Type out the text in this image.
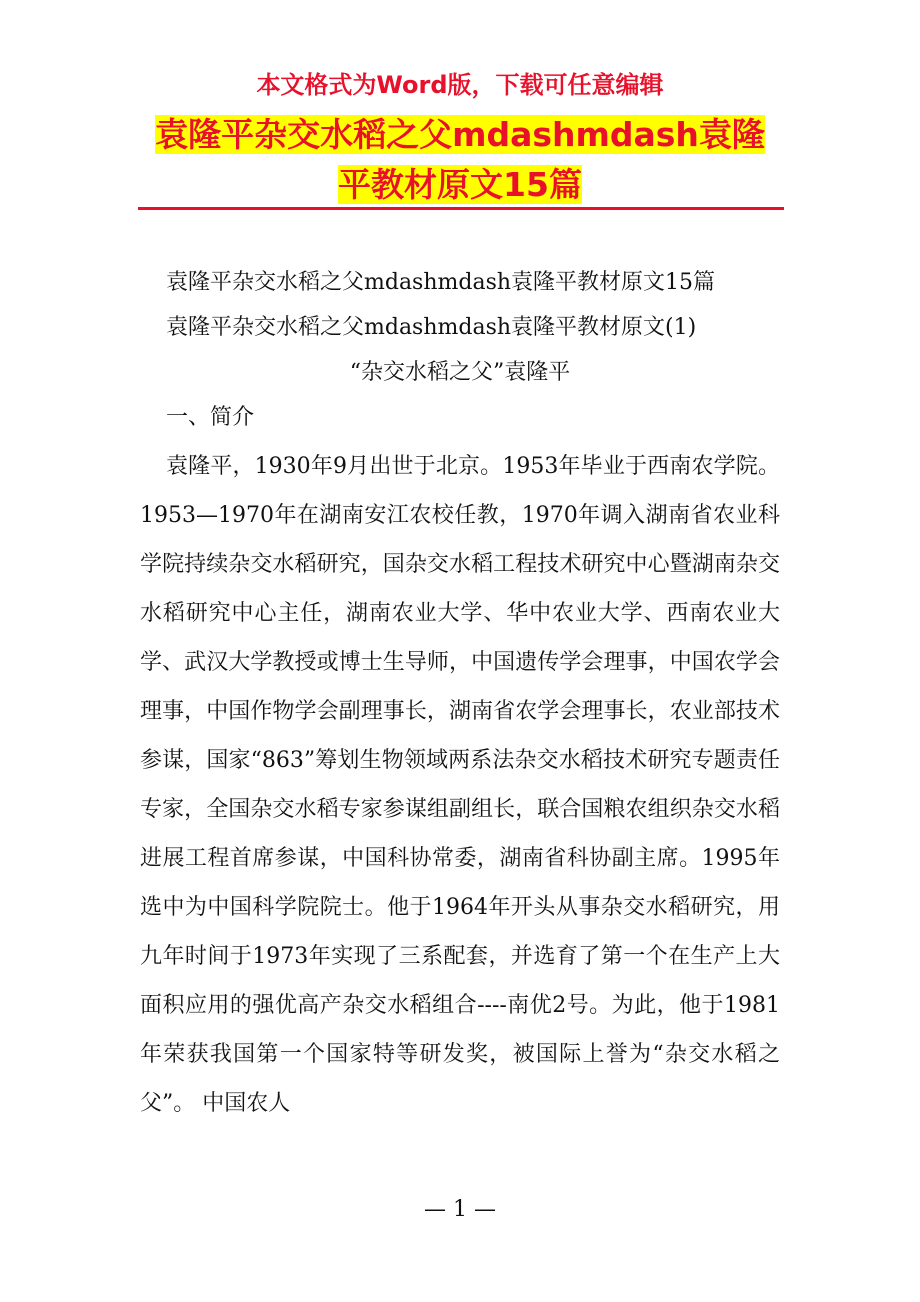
本文格式为Word版，下载可任意编辑
袁隆平杂交水稻之父mdashmdash袁隆平教材原文15篇
袁隆平杂交水稻之父mdashmdash袁隆平教材原文15篇
袁隆平杂交水稻之父mdashmdash袁隆平教材原文(1)
“杂交水稻之父”袁隆平
一、简介
袁隆平，1930年9月出世于北京。1953年毕业于西南农学院。1953—1970年在湖南安江农校任教，1970年调入湖南省农业科学院持续杂交水稻研究，国杂交水稻工程技术研究中心暨湖南杂交水稻研究中心主任，湖南农业大学、华中农业大学、西南农业大学、武汉大学教授或博士生导师，中国遗传学会理事，中国农学会理事，中国作物学会副理事长，湖南省农学会理事长，农业部技术参谋，国家“863”筹划生物领域两系法杂交水稻技术研究专题责任专家，全国杂交水稻专家参谋组副组长，联合国粮农组织杂交水稻进展工程首席参谋，中国科协常委，湖南省科协副主席。1995年选中为中国科学院院士。他于1964年开头从事杂交水稻研究，用九年时间于1973年实现了三系配套，并选育了第一个在生产上大面积应用的强优高产杂交水稻组合----南优2号。为此，他于1981年荣获我国第一个国家特等研发奖，被国际上誉为“杂交水稻之父”。 中国农人
— 1 —
